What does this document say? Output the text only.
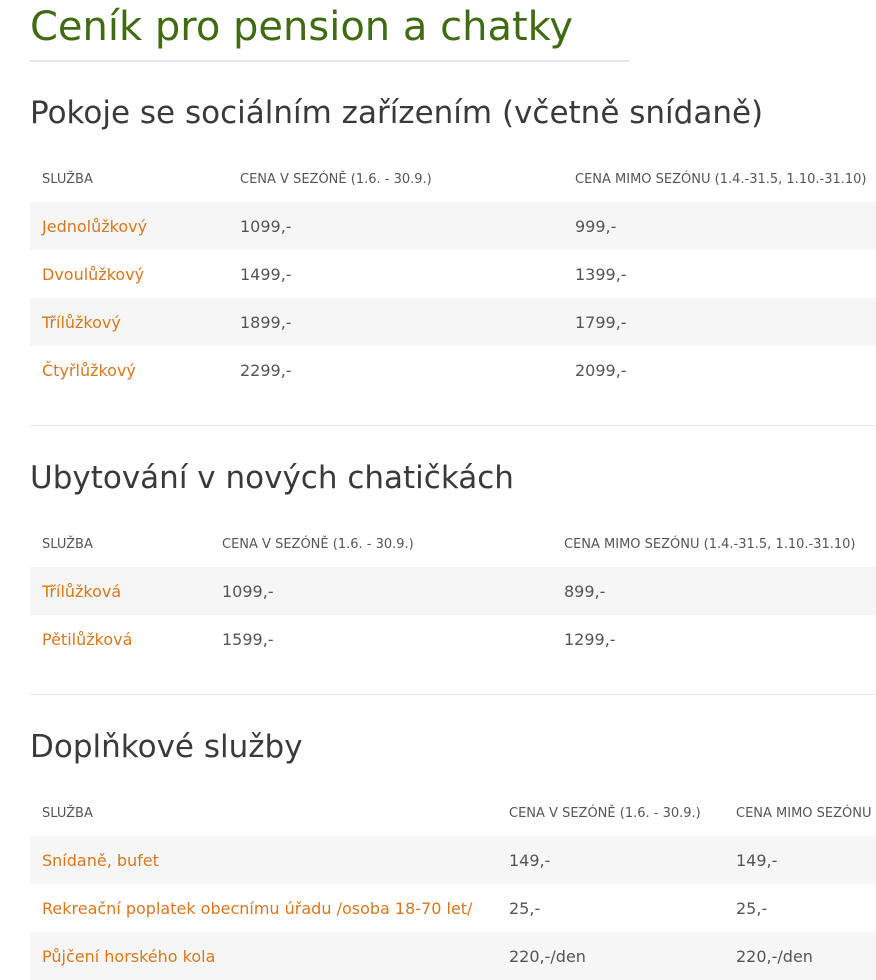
Ceník pro pension a chatky
Pokoje se sociálním zařízením (včetně snídaně)
SLUŽBA	CENA V SEZÓNĚ (1.6. - 30.9.)	CENA MIMO SEZÓNU (1.4.-31.5, 1.10.-31.10)
Jednolůžkový	1099,-	999,-
Dvoulůžkový	1499,-	1399,-
Třílůžkový	1899,-	1799,-
Čtyřlůžkový	2299,-	2099,-
Ubytování v nových chatičkách
SLUŽBA	CENA V SEZÓNĚ (1.6. - 30.9.)	CENA MIMO SEZÓNU (1.4.-31.5, 1.10.-31.10)
Třílůžková	1099,-	899,-
Pětilůžková	1599,-	1299,-
Doplňkové služby
SLUŽBA	CENA V SEZÓNĚ (1.6. - 30.9.)	CENA MIMO SEZÓNU
Snídaně, bufet	149,-	149,-
Rekreační poplatek obecnímu úřadu /osoba 18-70 let/	25,-	25,-
Půjčení horského kola	220,-/den	220,-/den
